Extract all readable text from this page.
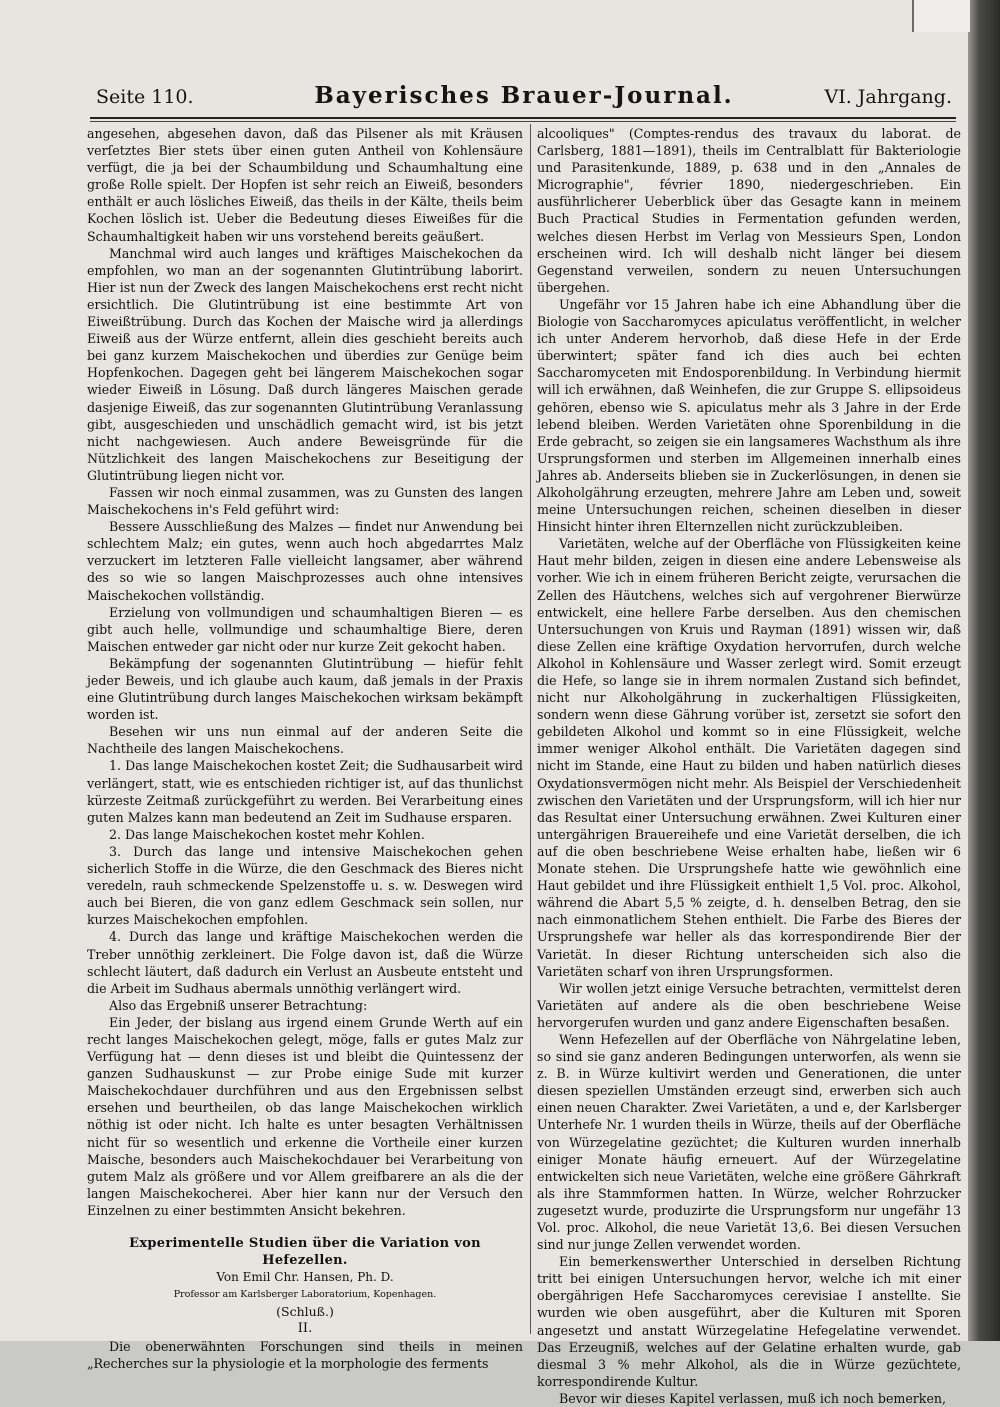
Seite 110.	Bayerisches Brauer-Journal.	VI. Jahrgang.

angesehen, abgesehen davon, daß das Pilsener als mit Kräusen verſetztes Bier stets über einen guten Antheil von Kohlensäure verfügt, die ja bei der Schaumbildung und Schaumhaltung eine große Rolle spielt. Der Hopfen ist sehr reich an Eiweiß, besonders enthält er auch lösliches Eiweiß, das theils in der Kälte, theils beim Kochen löslich ist. Ueber die Bedeutung dieses Eiweißes für die Schaumhaltigkeit haben wir uns vorstehend bereits geäußert.

Manchmal wird auch langes und kräftiges Maischekochen da empfohlen, wo man an der sogenannten Glutintrübung laborirt. Hier ist nun der Zweck des langen Maischekochens erst recht nicht ersichtlich. Die Glutintrübung ist eine bestimmte Art von Eiweißtrübung. Durch das Kochen der Maische wird ja allerdings Eiweiß aus der Würze entfernt, allein dies geschieht bereits auch bei ganz kurzem Maischekochen und überdies zur Genüge beim Hopfenkochen. Dagegen geht bei längerem Maischekochen sogar wieder Eiweiß in Lösung. Daß durch längeres Maischen gerade dasjenige Eiweiß, das zur sogenannten Glutintrübung Veranlassung gibt, ausgeschieden und unschädlich gemacht wird, ist bis jetzt nicht nachgewiesen. Auch andere Beweisgründe für die Nützlichkeit des langen Maischekochens zur Beseitigung der Glutintrübung liegen nicht vor.

Fassen wir noch einmal zusammen, was zu Gunsten des langen Maischekochens in's Feld geführt wird:

Bessere Ausschließung des Malzes — findet nur Anwendung bei schlechtem Malz; ein gutes, wenn auch hoch abgedarrtes Malz verzuckert im letzteren Falle vielleicht langsamer, aber während des so wie so langen Maischprozesses auch ohne intensives Maischekochen vollständig.

Erzielung von vollmundigen und schaumhaltigen Bieren — es gibt auch helle, vollmundige und schaumhaltige Biere, deren Maischen entweder gar nicht oder nur kurze Zeit gekocht haben.

Bekämpfung der sogenannten Glutintrübung — hiefür fehlt jeder Beweis, und ich glaube auch kaum, daß jemals in der Praxis eine Glutintrübung durch langes Maischekochen wirksam bekämpft worden ist.

Besehen wir uns nun einmal auf der anderen Seite die Nachtheile des langen Maischekochens.

1. Das lange Maischekochen kostet Zeit; die Sudhausarbeit wird verlängert, statt, wie es entschieden richtiger ist, auf das thunlichst kürzeste Zeitmaß zurückgeführt zu werden. Bei Verarbeitung eines guten Malzes kann man bedeutend an Zeit im Sudhause ersparen.

2. Das lange Maischekochen kostet mehr Kohlen.

3. Durch das lange und intensive Maischekochen gehen sicherlich Stoffe in die Würze, die den Geschmack des Bieres nicht veredeln, rauh schmeckende Spelzenstoffe u. s. w. Deswegen wird auch bei Bieren, die von ganz edlem Geschmack sein sollen, nur kurzes Maischekochen empfohlen.

4. Durch das lange und kräftige Maischekochen werden die Treber unnöthig zerkleinert. Die Folge davon ist, daß die Würze schlecht läutert, daß dadurch ein Verlust an Ausbeute entsteht und die Arbeit im Sudhaus abermals unnöthig verlängert wird.

Also das Ergebniß unserer Betrachtung:

Ein Jeder, der bislang aus irgend einem Grunde Werth auf ein recht langes Maischekochen gelegt, möge, falls er gutes Malz zur Verfügung hat — denn dieses ist und bleibt die Quintessenz der ganzen Sudhauskunst — zur Probe einige Sude mit kurzer Maischekochdauer durchführen und aus den Ergebnissen selbst ersehen und beurtheilen, ob das lange Maischekochen wirklich nöthig ist oder nicht. Ich halte es unter besagten Verhältnissen nicht für so wesentlich und erkenne die Vortheile einer kurzen Maische, besonders auch Maischekochdauer bei Verarbeitung von gutem Malz als größere und vor Allem greifbarere an als die der langen Maischekocherei. Aber hier kann nur der Versuch den Einzelnen zu einer bestimmten Ansicht bekehren.

Experimentelle Studien über die Variation von Hefezellen.

Von Emil Chr. Hansen, Ph. D.

Professor am Karlsberger Laboratorium, Kopenhagen.

(Schluß.)

II.

Die obenerwähnten Forschungen sind theils in meinen „Recherches sur la physiologie et la morphologie des ferments

alcooliques" (Comptes-rendus des travaux du laborat. de Carlsberg, 1881—1891), theils im Centralblatt für Bakteriologie und Parasitenkunde, 1889, p. 638 und in den „Annales de Micrographie", février 1890, niedergeschrieben. Ein ausführlicherer Ueberblick über das Gesagte kann in meinem Buch Practical Studies in Fermentation gefunden werden, welches diesen Herbst im Verlag von Messieurs Spen, London erscheinen wird. Ich will deshalb nicht länger bei diesem Gegenstand verweilen, sondern zu neuen Untersuchungen übergehen.

Ungefähr vor 15 Jahren habe ich eine Abhandlung über die Biologie von Saccharomyces apiculatus veröffentlicht, in welcher ich unter Anderem hervorhob, daß diese Hefe in der Erde überwintert; später fand ich dies auch bei echten Saccharomyceten mit Endosporenbildung. In Verbindung hiermit will ich erwähnen, daß Weinhefen, die zur Gruppe S. ellipsoideus gehören, ebenso wie S. apiculatus mehr als 3 Jahre in der Erde lebend bleiben. Werden Varietäten ohne Sporenbildung in die Erde gebracht, so zeigen sie ein langsameres Wachsthum als ihre Ursprungsformen und sterben im Allgemeinen innerhalb eines Jahres ab. Anderseits blieben sie in Zuckerlösungen, in denen sie Alkoholgährung erzeugten, mehrere Jahre am Leben und, soweit meine Untersuchungen reichen, scheinen dieselben in dieser Hinsicht hinter ihren Elternzellen nicht zurückzubleiben.

Varietäten, welche auf der Oberfläche von Flüssigkeiten keine Haut mehr bilden, zeigen in diesen eine andere Lebensweise als vorher. Wie ich in einem früheren Bericht zeigte, verursachen die Zellen des Häutchens, welches sich auf vergohrener Bierwürze entwickelt, eine hellere Farbe derselben. Aus den chemischen Untersuchungen von Kruis und Rayman (1891) wissen wir, daß diese Zellen eine kräftige Oxydation hervorrufen, durch welche Alkohol in Kohlensäure und Wasser zerlegt wird. Somit erzeugt die Hefe, so lange sie in ihrem normalen Zustand sich befindet, nicht nur Alkoholgährung in zuckerhaltigen Flüssigkeiten, sondern wenn diese Gährung vorüber ist, zersetzt sie sofort den gebildeten Alkohol und kommt so in eine Flüssigkeit, welche immer weniger Alkohol enthält. Die Varietäten dagegen sind nicht im Stande, eine Haut zu bilden und haben natürlich dieses Oxydationsvermögen nicht mehr. Als Beispiel der Verschiedenheit zwischen den Varietäten und der Ursprungsform, will ich hier nur das Resultat einer Untersuchung erwähnen. Zwei Kulturen einer untergährigen Brauereihefe und eine Varietät derselben, die ich auf die oben beschriebene Weise erhalten habe, ließen wir 6 Monate stehen. Die Ursprungshefe hatte wie gewöhnlich eine Haut gebildet und ihre Flüssigkeit enthielt 1,5 Vol. proc. Alkohol, während die Abart 5,5 % zeigte, d. h. denselben Betrag, den sie nach einmonatlichem Stehen enthielt. Die Farbe des Bieres der Ursprungshefe war heller als das korrespondirende Bier der Varietät. In dieser Richtung unterscheiden sich also die Varietäten scharf von ihren Ursprungsformen.

Wir wollen jetzt einige Versuche betrachten, vermittelst deren Varietäten auf andere als die oben beschriebene Weise hervorgerufen wurden und ganz andere Eigenschaften besaßen.

Wenn Hefezellen auf der Oberfläche von Nährgelatine leben, so sind sie ganz anderen Bedingungen unterworfen, als wenn sie z. B. in Würze kultivirt werden und Generationen, die unter diesen speziellen Umständen erzeugt sind, erwerben sich auch einen neuen Charakter. Zwei Varietäten, a und e, der Karlsberger Unterhefe Nr. 1 wurden theils in Würze, theils auf der Oberfläche von Würzegelatine gezüchtet; die Kulturen wurden innerhalb einiger Monate häufig erneuert. Auf der Würzegelatine entwickelten sich neue Varietäten, welche eine größere Gährkraft als ihre Stammformen hatten. In Würze, welcher Rohrzucker zugesetzt wurde, produzirte die Ursprungsform nur ungefähr 13 Vol. proc. Alkohol, die neue Varietät 13,6. Bei diesen Versuchen sind nur junge Zellen verwendet worden.

Ein bemerkenswerther Unterschied in derselben Richtung tritt bei einigen Untersuchungen hervor, welche ich mit einer obergährigen Hefe Saccharomyces cerevisiae I anstellte. Sie wurden wie oben ausgeführt, aber die Kulturen mit Sporen angesetzt und anstatt Würzegelatine Hefegelatine verwendet. Das Erzeugniß, welches auf der Gelatine erhalten wurde, gab diesmal 3 % mehr Alkohol, als die in Würze gezüchtete, korrespondirende Kultur.

Bevor wir dieses Kapitel verlassen, muß ich noch bemerken,
